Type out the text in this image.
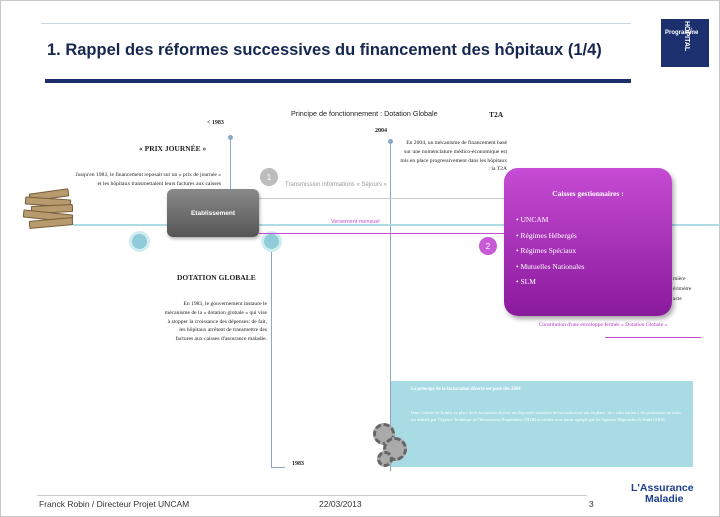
1. Rappel des réformes successives du financement des hôpitaux (1/4)
Programme
HÔPITAL
< 1983
Principe de fonctionnement : Dotation Globale	T2A
2004
« PRIX JOURNÉE »
Jusqu'en 1983, le financement reposait sur un « prix de journée » et les hôpitaux transmettaient leurs factures aux caisses
DOTATION GLOBALE
En 1983, le gouvernement instaure le mécanisme de la « dotation globale » qui vise à stopper la croissance des dépenses: de fait, les hôpitaux arrêtent de transmettre des factures aux caisses d'assurance maladie.
En 2004, un mécanisme de financement basé sur une nomenclature médico-économique est mis en place progressivement dans les hôpitaux : la T2A
Transmission informations « Séjours »
1
Versement mensuel
2
Etablissement
Caisses gestionnaires :
• UNCAM
• Régimes Hébergés
• Régimes Spéciaux
• Mutuelles Nationales
• SLM	mière
érimètre
acte
Constitution d'une enveloppe fermée « Dotation Globale »
1983
Le principe de la facturation directe est posé dès 2004
Dans l'attente de la mise en place de la facturation directe, un dispositif transitoire de facturation est mis en place : la « valorisation » des prestations de soins est réalisée par l'Agence Technique de l'Information Hospitalière (ATIH) et validée sous forme agrégée par les Agences Régionales de Santé (ARS).
Franck Robin / Directeur Projet UNCAM	22/03/2013	3
L'Assurance
Maladie
